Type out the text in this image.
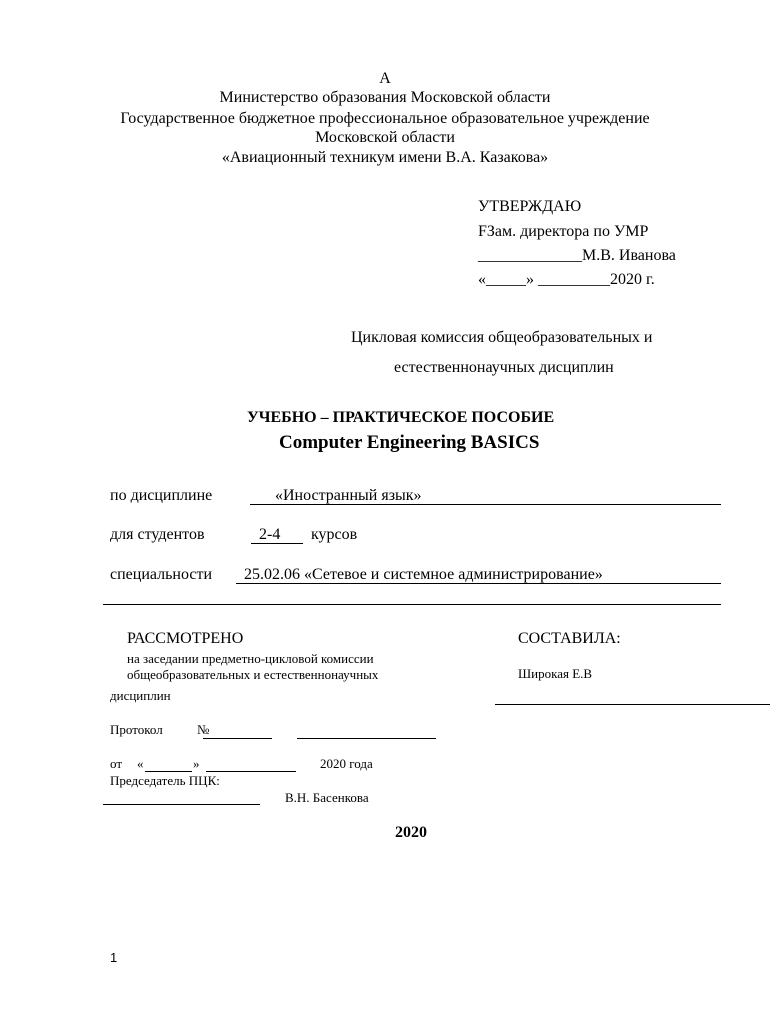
А
Министерство образования Московской области
Государственное бюджетное профессиональное образовательное учреждение
Московской области
«Авиационный техникум имени В.А. Казакова»
УТВЕРЖДАЮ
FЗам. директора по УМР
_____________М.В. Иванова
«_____» _________2020 г.
Цикловая комиссия общеобразовательных и
естественнонаучных дисциплин
УЧЕБНО – ПРАКТИЧЕСКОЕ ПОСОБИЕ
Computer Engineering BASICS
по дисциплине	«Иностранный язык»
для студентов	2-4 курсов
специальности 25.02.06 «Сетевое и системное администрирование»
РАССМОТРЕНО
на заседании предметно-цикловой комиссии
общеобразовательных и естественнонаучных
дисциплин
Протокол	№
от «	»	2020 года
Председатель ПЦК:
В.Н. Басенкова
СОСТАВИЛА:
Широкая Е.В
2020
1
